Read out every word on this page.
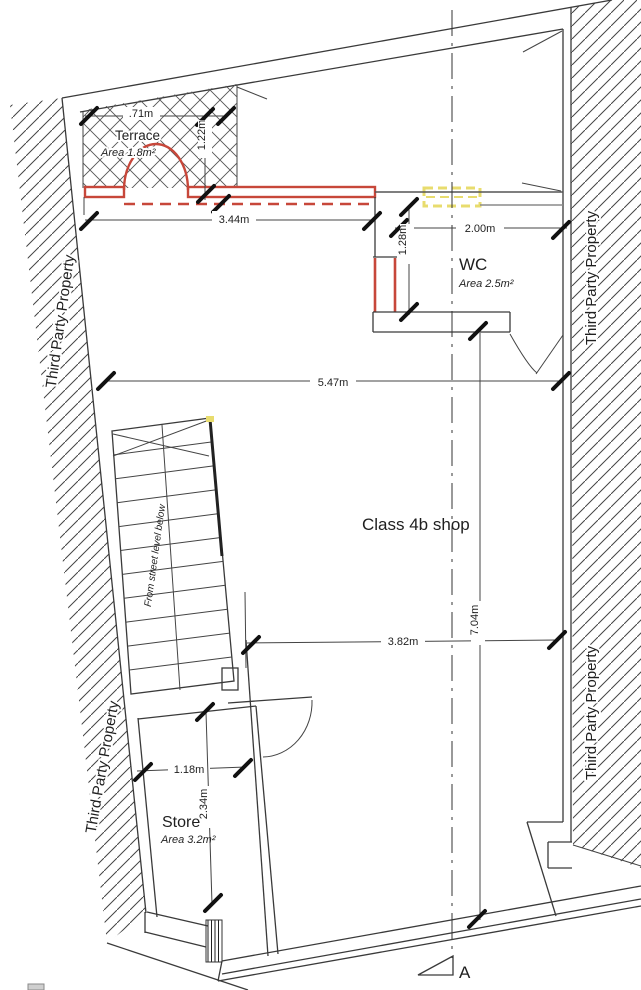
.71m
1.22m
3.44m
2.00m
1.28m
5.47m
3.82m
7.04m
1.18m
2.34m
Terrace
Area 1.8m²
WC
Area 2.5m²
Class 4b shop
Store
Area 3.2m²
From street level below
Third Party Property
Third Party Property
Third Party Property
Third Party Property
A
